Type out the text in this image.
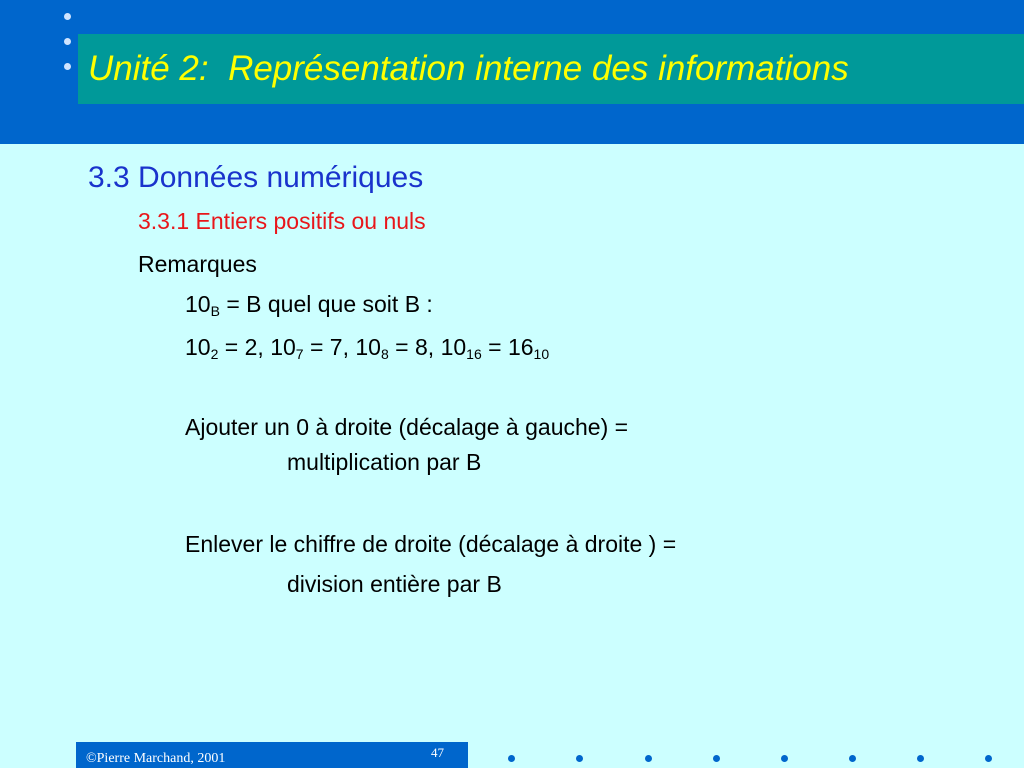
Unité 2:  Représentation interne des informations
3.3 Données numériques
3.3.1 Entiers positifs ou nuls
Remarques
$10_B = B$ quel que soit B :
$10_2 = 2$, $10_7 = 7$, $10_8 = 8$, $10_{16} = 16_{10}$
Ajouter un 0 à droite (décalage à gauche) =
multiplication par B
Enlever le chiffre de droite (décalage à droite ) =
division entière par B
©Pierre Marchand, 2001	47
